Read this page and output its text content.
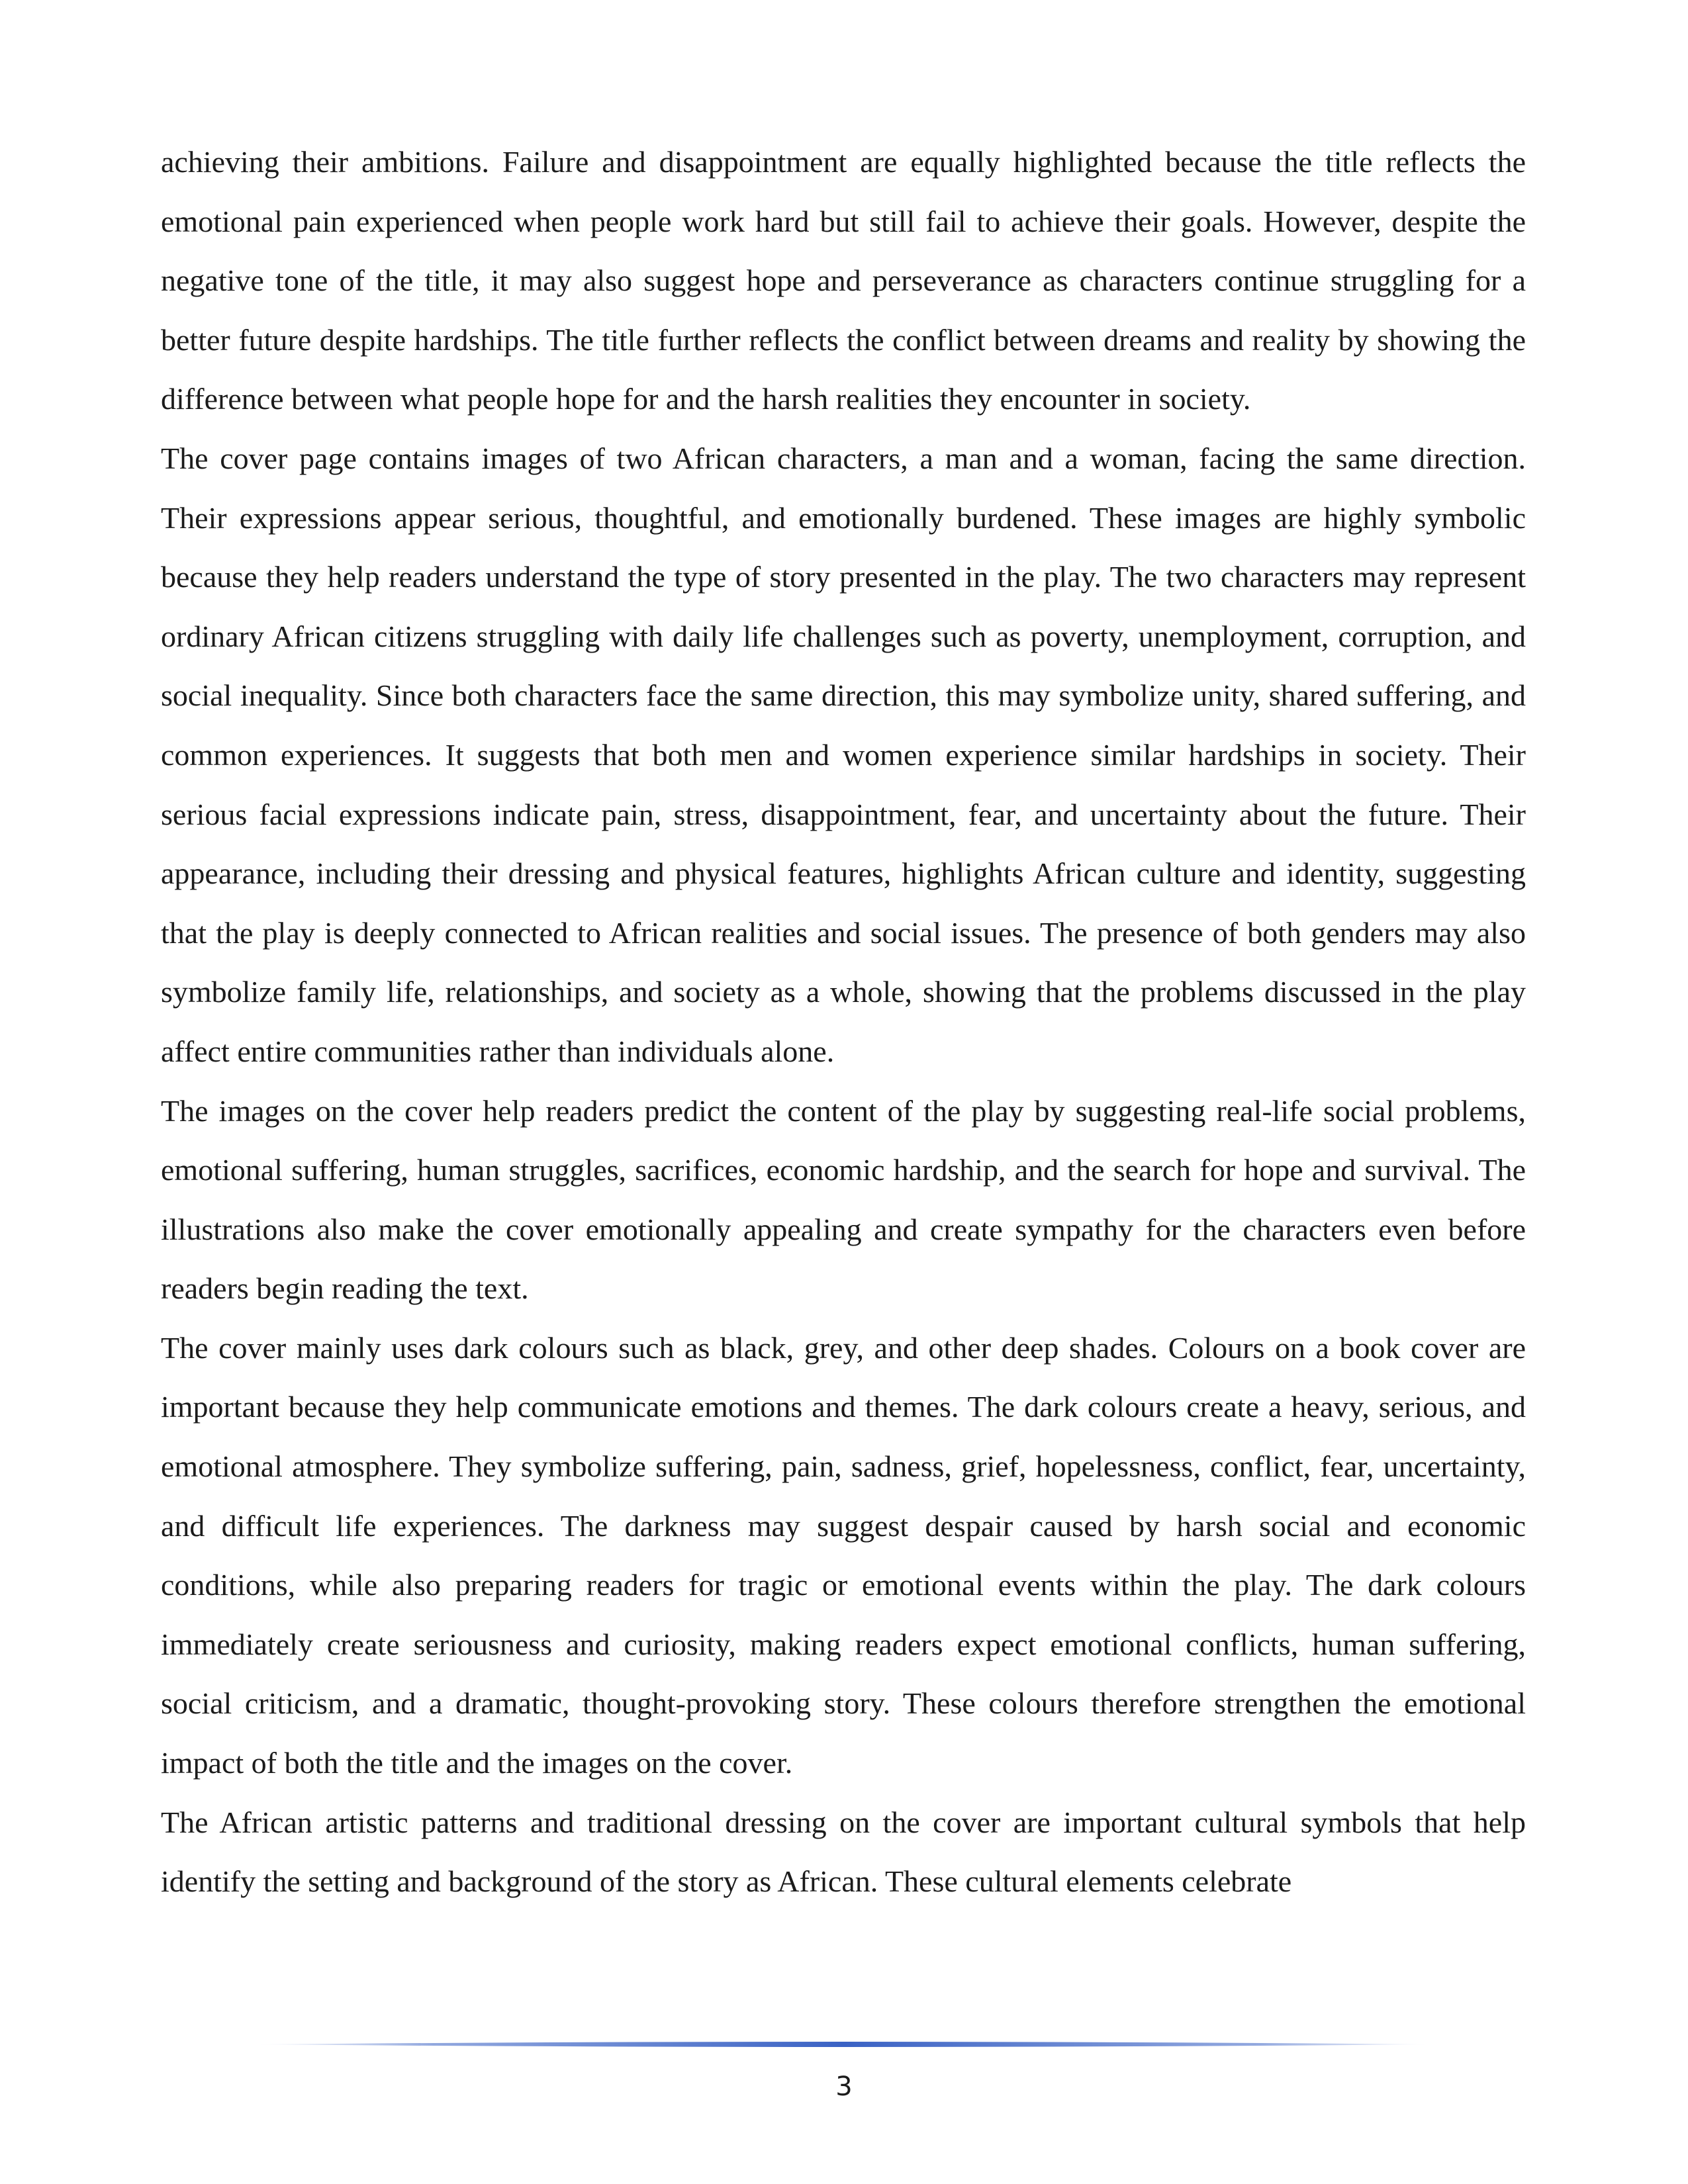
achieving their ambitions. Failure and disappointment are equally highlighted because the title reflects the emotional pain experienced when people work hard but still fail to achieve their goals. However, despite the negative tone of the title, it may also suggest hope and perseverance as characters continue struggling for a better future despite hardships. The title further reflects the conflict between dreams and reality by showing the difference between what people hope for and the harsh realities they encounter in society.

The cover page contains images of two African characters, a man and a woman, facing the same direction. Their expressions appear serious, thoughtful, and emotionally burdened. These images are highly symbolic because they help readers understand the type of story presented in the play. The two characters may represent ordinary African citizens struggling with daily life challenges such as poverty, unemployment, corruption, and social inequality. Since both characters face the same direction, this may symbolize unity, shared suffering, and common experiences. It suggests that both men and women experience similar hardships in society. Their serious facial expressions indicate pain, stress, disappointment, fear, and uncertainty about the future. Their appearance, including their dressing and physical features, highlights African culture and identity, suggesting that the play is deeply connected to African realities and social issues. The presence of both genders may also symbolize family life, relationships, and society as a whole, showing that the problems discussed in the play affect entire communities rather than individuals alone.

The images on the cover help readers predict the content of the play by suggesting real-life social problems, emotional suffering, human struggles, sacrifices, economic hardship, and the search for hope and survival. The illustrations also make the cover emotionally appealing and create sympathy for the characters even before readers begin reading the text.

The cover mainly uses dark colours such as black, grey, and other deep shades. Colours on a book cover are important because they help communicate emotions and themes. The dark colours create a heavy, serious, and emotional atmosphere. They symbolize suffering, pain, sadness, grief, hopelessness, conflict, fear, uncertainty, and difficult life experiences. The darkness may suggest despair caused by harsh social and economic conditions, while also preparing readers for tragic or emotional events within the play. The dark colours immediately create seriousness and curiosity, making readers expect emotional conflicts, human suffering, social criticism, and a dramatic, thought-provoking story. These colours therefore strengthen the emotional impact of both the title and the images on the cover.

The African artistic patterns and traditional dressing on the cover are important cultural symbols that help identify the setting and background of the story as African. These cultural elements celebrate

3
